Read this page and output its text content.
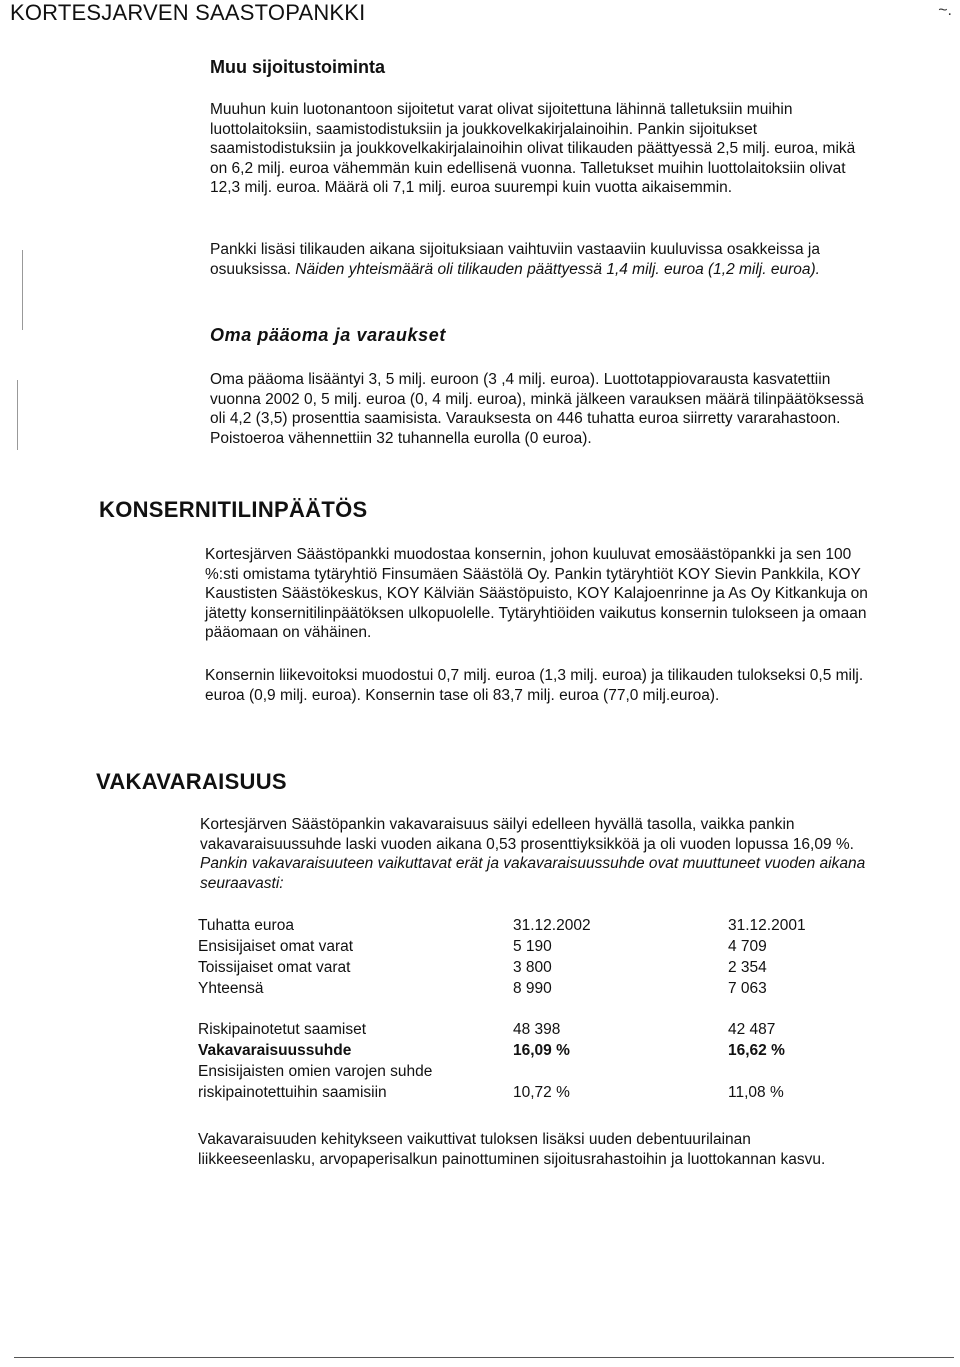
KORTESJARVEN SAASTOPANKKI	~.
Muu sijoitustoiminta

Muuhun kuin luotonantoon sijoitetut varat olivat sijoitettuna lähinnä talletuksiin muihin luottolaitoksiin, saamistodistuksiin ja joukkovelkakirjalainoihin. Pankin sijoitukset saamistodistuksiin ja joukkovelkakirjalainoihin olivat tilikauden päättyessä 2,5 milj. euroa, mikä on 6,2 milj. euroa vähemmän kuin edellisenä vuonna. Talletukset muihin luottolaitoksiin olivat 12,3 milj. euroa. Määrä oli 7,1 milj. euroa suurempi kuin vuotta aikaisemmin.

Pankki lisäsi tilikauden aikana sijoituksiaan vaihtuviin vastaaviin kuuluvissa osakkeissa ja osuuksissa. Näiden yhteismäärä oli tilikauden päättyessä 1,4 milj. euroa (1,2 milj. euroa).

Oma pääoma ja varaukset

Oma pääoma lisääntyi 3, 5 milj. euroon (3 ,4 milj. euroa). Luottotappiovarausta kasvatettiin vuonna 2002 0, 5 milj. euroa (0, 4 milj. euroa), minkä jälkeen varauksen määrä tilinpäätöksessä oli 4,2 (3,5) prosenttia saamisista. Varauksesta on 446 tuhatta euroa siirretty vararahastoon. Poistoeroa vähennettiin 32 tuhannella eurolla (0 euroa).

KONSERNITILINPÄÄTÖS

Kortesjärven Säästöpankki muodostaa konsernin, johon kuuluvat emosäästöpankki ja sen 100 %:sti omistama tytäryhtiö Finsumäen Säästölä Oy. Pankin tytäryhtiöt KOY Sievin Pankkila, KOY Kaustisten Säästökeskus, KOY Kälviän Säästöpuisto, KOY Kalajoenrinne ja As Oy Kitkankuja on jätetty konsernitilinpäätöksen ulkopuolelle. Tytäryhtiöiden vaikutus konsernin tulokseen ja omaan pääomaan on vähäinen.

Konsernin liikevoitoksi muodostui 0,7 milj. euroa (1,3 milj. euroa) ja tilikauden tulokseksi 0,5 milj. euroa (0,9 milj. euroa). Konsernin tase oli 83,7 milj. euroa (77,0 milj.euroa).

VAKAVARAISUUS

Kortesjärven Säästöpankin vakavaraisuus säilyi edelleen hyvällä tasolla, vaikka pankin vakavaraisuussuhde laski vuoden aikana 0,53 prosenttiyksikköä ja oli vuoden lopussa 16,09 %. Pankin vakavaraisuuteen vaikuttavat erät ja vakavaraisuussuhde ovat muuttuneet vuoden aikana seuraavasti:

Tuhatta euroa	31.12.2002	31.12.2001
Ensisijaiset omat varat	5 190	4 709
Toissijaiset omat varat	3 800	2 354
Yhteensä	8 990	7 063
Riskipainotetut saamiset	48 398	42 487
Vakavaraisuussuhde	16,09 %	16,62 %
Ensisijaisten omien varojen suhde
riskipainotettuihin saamisiin	10,72 %	11,08 %

Vakavaraisuuden kehitykseen vaikuttivat tuloksen lisäksi uuden debentuurilainan liikkeeseenlasku, arvopaperisalkun painottuminen sijoitusrahastoihin ja luottokannan kasvu.
